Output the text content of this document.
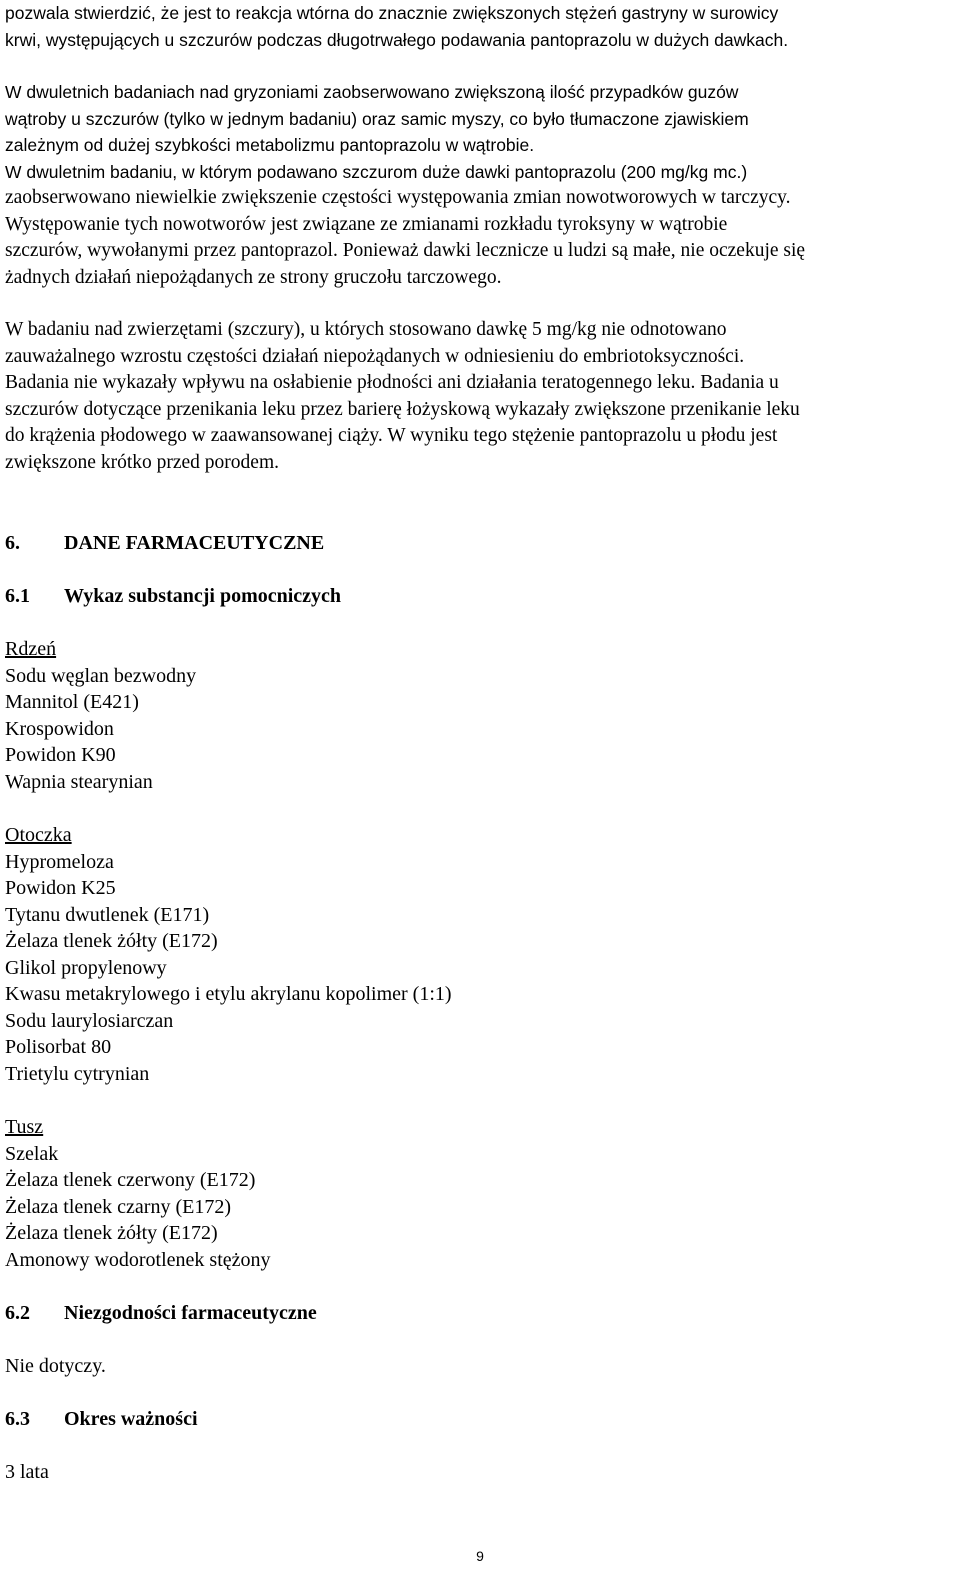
pozwala stwierdzić, że jest to reakcja wtórna do znacznie zwiększonych stężeń gastryny w surowicy
krwi, występujących u szczurów podczas długotrwałego podawania pantoprazolu w dużych dawkach.
W dwuletnich badaniach nad gryzoniami zaobserwowano zwiększoną ilość przypadków guzów
wątroby u szczurów (tylko w jednym badaniu) oraz samic myszy, co było tłumaczone zjawiskiem
zależnym od dużej szybkości metabolizmu pantoprazolu w wątrobie.
W dwuletnim badaniu, w którym podawano szczurom duże dawki pantoprazolu (200 mg/kg mc.)
zaobserwowano niewielkie zwiększenie częstości występowania zmian nowotworowych w tarczycy.
Występowanie tych nowotworów jest związane ze zmianami rozkładu tyroksyny w wątrobie
szczurów, wywołanymi przez pantoprazol. Ponieważ dawki lecznicze u ludzi są małe, nie oczekuje się
żadnych działań niepożądanych ze strony gruczołu tarczowego.
W badaniu nad zwierzętami (szczury), u których stosowano dawkę 5 mg/kg nie odnotowano
zauważalnego wzrostu częstości działań niepożądanych w odniesieniu do embriotoksyczności.
Badania nie wykazały wpływu na osłabienie płodności ani działania teratogennego leku. Badania u
szczurów dotyczące przenikania leku przez barierę łożyskową wykazały zwiększone przenikanie leku
do krążenia płodowego w zaawansowanej ciąży. W wyniku tego stężenie pantoprazolu u płodu jest
zwiększone krótko przed porodem.
6. DANE FARMACEUTYCZNE
6.1 Wykaz substancji pomocniczych
Rdzeń
Sodu węglan bezwodny
Mannitol (E421)
Krospowidon
Powidon K90
Wapnia stearynian
Otoczka
Hypromeloza
Powidon K25
Tytanu dwutlenek (E171)
Żelaza tlenek żółty (E172)
Glikol propylenowy
Kwasu metakrylowego i etylu akrylanu kopolimer (1:1)
Sodu laurylosiarczan
Polisorbat 80
Trietylu cytrynian
Tusz
Szelak
Żelaza tlenek czerwony (E172)
Żelaza tlenek czarny (E172)
Żelaza tlenek żółty (E172)
Amonowy wodorotlenek stężony
6.2 Niezgodności farmaceutyczne
Nie dotyczy.
6.3 Okres ważności
3 lata
9
